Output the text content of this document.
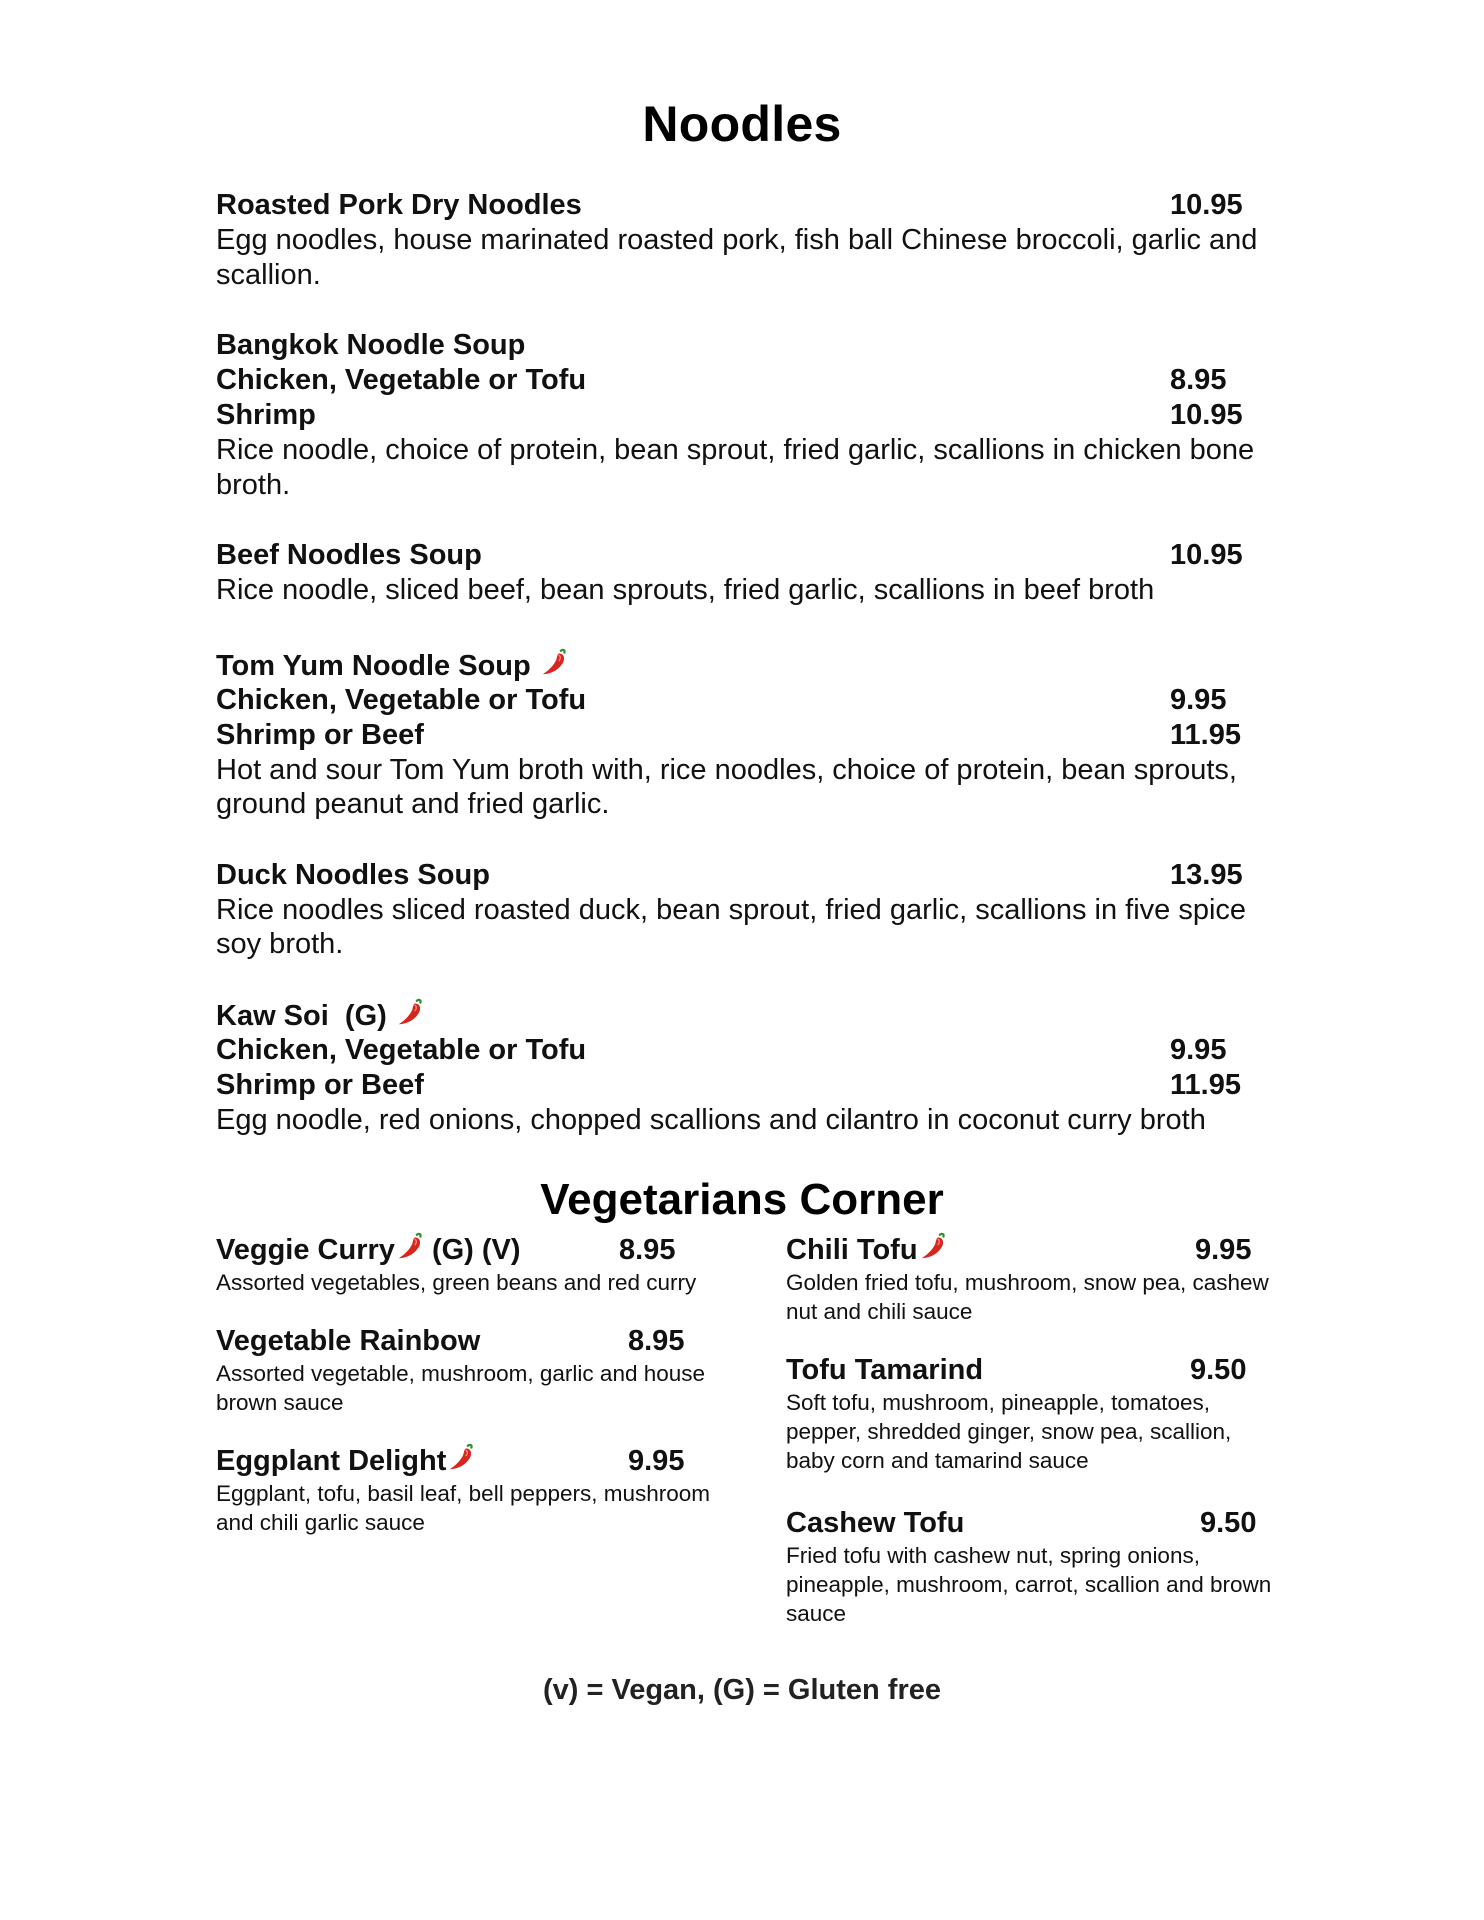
Noodles
Roasted Pork Dry Noodles	10.95
Egg noodles, house marinated roasted pork, fish ball Chinese broccoli, garlic and scallion.
Bangkok Noodle Soup
Chicken, Vegetable or Tofu	8.95
Shrimp	10.95
Rice noodle, choice of protein, bean sprout, fried garlic, scallions in chicken bone broth.
Beef Noodles Soup	10.95
Rice noodle, sliced beef, bean sprouts, fried garlic, scallions in beef broth
Tom Yum Noodle Soup
Chicken, Vegetable or Tofu	9.95
Shrimp or Beef	11.95
Hot and sour Tom Yum broth with, rice noodles, choice of protein, bean sprouts, ground peanut and fried garlic.
Duck Noodles Soup	13.95
Rice noodles sliced roasted duck, bean sprout, fried garlic, scallions in five spice soy broth.
Kaw Soi  (G)
Chicken, Vegetable or Tofu	9.95
Shrimp or Beef	11.95
Egg noodle, red onions, chopped scallions and cilantro in coconut curry broth
Vegetarians Corner
Veggie Curry (G) (V)	8.95
Assorted vegetables, green beans and red curry
Vegetable Rainbow	8.95
Assorted vegetable, mushroom, garlic and house brown sauce
Eggplant Delight	9.95
Eggplant, tofu, basil leaf, bell peppers, mushroom and chili garlic sauce
Chili Tofu	9.95
Golden fried tofu, mushroom, snow pea, cashew nut and chili sauce
Tofu Tamarind	9.50
Soft tofu, mushroom, pineapple, tomatoes, pepper, shredded ginger, snow pea, scallion, baby corn and tamarind sauce
Cashew Tofu	9.50
Fried tofu with cashew nut, spring onions, pineapple, mushroom, carrot, scallion and brown sauce
(v) = Vegan, (G) = Gluten free
